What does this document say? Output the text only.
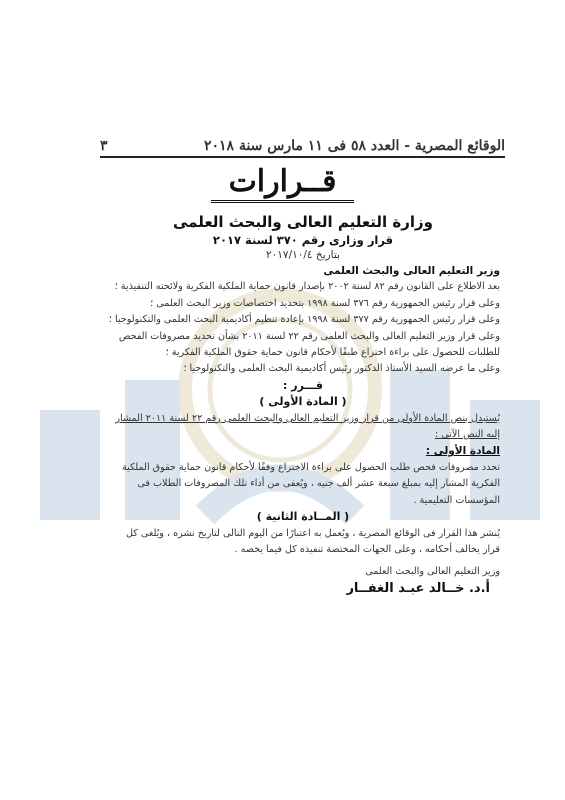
الوقائع المصرية - العدد ٥٨ فى ١١ مارس سنة ٢٠١٨
٣
قــرارات
وزارة التعليم العالى والبحث العلمى
قرار وزارى رقم ٣٧٠ لسنة ٢٠١٧
بتاريخ ٢٠١٧/١٠/٤
وزير التعليم العالى والبحث العلمى

بعد الاطلاع على القانون رقم ٨٢ لسنة ٢٠٠٢ بإصدار قانون حماية الملكية الفكرية ولائحته التنفيذية ؛

وعلى قرار رئيس الجمهورية رقم ٣٧٦ لسنة ١٩٩٨ بتحديد اختصاصات وزير البحث العلمى ؛

وعلى قرار رئيس الجمهورية رقم ٣٧٧ لسنة ١٩٩٨ بإعادة تنظيم أكاديمية البحث العلمى والتكنولوجيا ؛

وعلى قرار وزير التعليم العالى والبحث العلمى رقم ٢٢ لسنة ٢٠١١ بشأن تحديد مصروفات الفحص للطلبات للحصول على براءة اختراع طبقًا لأحكام قانون حماية حقوق الملكية الفكرية ؛

وعلى ما عرضه السيد الأستاذ الدكتور رئيس أكاديمية البحث العلمى والتكنولوجيا ؛

قـــرر :
( المادة الأولى )

يُستبدل بنص المادة الأولى من قرار وزير التعليم العالى والبحث العلمى رقم ٢٢ لسنة ٢٠١١ المشار إليه النص الآتى :

المادة الأولى :

تحدد مصروفات فحص طلب الحصول على براءة الاختراع وفقًا لأحكام قانون حماية حقوق الملكية الفكرية المشار إليه بمبلغ سبعة عشر ألف جنيه ، ويُعفى من أداء تلك المصروفات الطلاب فى المؤسسات التعليمية .

( المــادة الثانية )

يُنشر هذا القرار فى الوقائع المصرية ، ويُعمل به اعتبارًا من اليوم التالى لتاريخ نشره ، ويُلغى كل قرار يخالف أحكامه ، وعلى الجهات المختصة تنفيذه كل فيما يخصه .

وزير التعليم العالى والبحث العلمى
أ.د. خــالد عبـد الغفــار
